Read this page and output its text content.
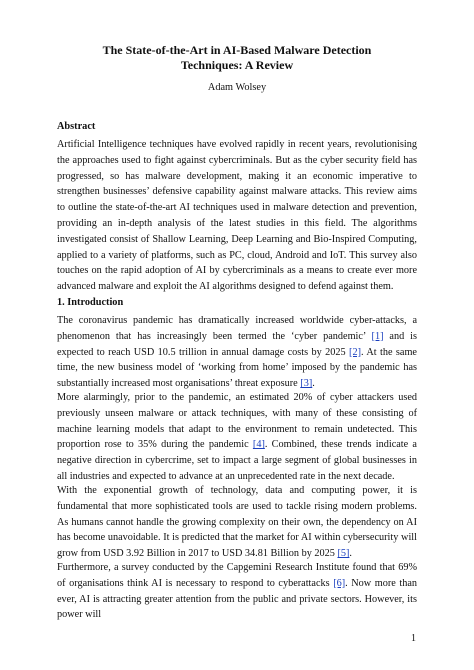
The State-of-the-Art in AI-Based Malware Detection
Techniques: A Review
Adam Wolsey
Abstract
Artificial Intelligence techniques have evolved rapidly in recent years, revolutionising the approaches used to fight against cybercriminals. But as the cyber security field has progressed, so has malware development, making it an economic imperative to strengthen businesses’ defensive capability against malware attacks. This review aims to outline the state-of-the-art AI techniques used in malware detection and prevention, providing an in-depth analysis of the latest studies in this field. The algorithms investigated consist of Shallow Learning, Deep Learning and Bio-Inspired Computing, applied to a variety of platforms, such as PC, cloud, Android and IoT. This survey also touches on the rapid adoption of AI by cybercriminals as a means to create ever more advanced malware and exploit the AI algorithms designed to defend against them.
1. Introduction
The coronavirus pandemic has dramatically increased worldwide cyber-attacks, a phenomenon that has increasingly been termed the ‘cyber pandemic’ [1] and is expected to reach USD 10.5 trillion in annual damage costs by 2025 [2]. At the same time, the new business model of ‘working from home’ imposed by the pandemic has substantially increased most organisations’ threat exposure [3].
More alarmingly, prior to the pandemic, an estimated 20% of cyber attackers used previously unseen malware or attack techniques, with many of these consisting of machine learning models that adapt to the environment to remain undetected. This proportion rose to 35% during the pandemic [4]. Combined, these trends indicate a negative direction in cybercrime, set to impact a large segment of global businesses in all industries and expected to advance at an unprecedented rate in the next decade.
With the exponential growth of technology, data and computing power, it is fundamental that more sophisticated tools are used to tackle rising modern problems. As humans cannot handle the growing complexity on their own, the dependency on AI has become unavoidable. It is predicted that the market for AI within cybersecurity will grow from USD 3.92 Billion in 2017 to USD 34.81 Billion by 2025 [5].
Furthermore, a survey conducted by the Capgemini Research Institute found that 69% of organisations think AI is necessary to respond to cyberattacks [6]. Now more than ever, AI is attracting greater attention from the public and private sectors. However, its power will
1
